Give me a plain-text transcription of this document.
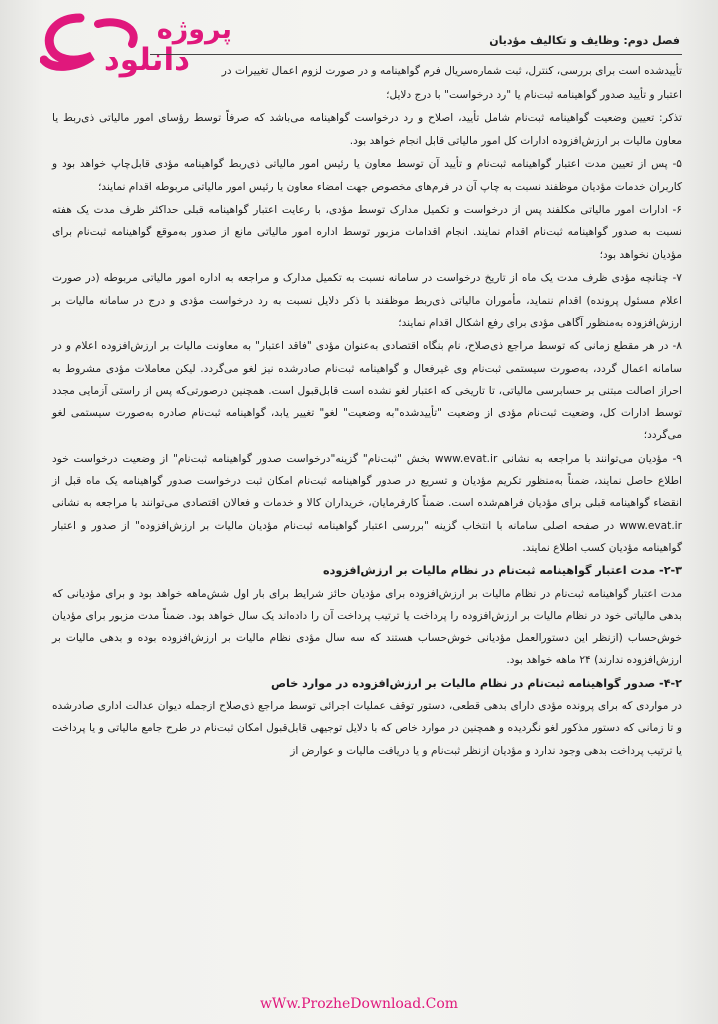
پروژه
دانلود
فصل دوم: وظایف و تکالیف مؤدیان

تأییدشده است برای بررسی، کنترل، ثبت شماره‌سریال فرم گواهینامه و در صورت لزوم اعمال تغییرات در

اعتبار و تأیید صدور گواهینامه ثبت‌نام یا "رد درخواست" با درج دلایل؛

تذکر: تعیین وضعیت گواهینامه ثبت‌نام شامل تأیید، اصلاح و رد درخواست گواهینامه می‌باشد که صرفاً توسط رؤسای امور مالیاتی ذی‌ربط یا معاون مالیات بر ارزش‌افزوده ادارات کل امور مالیاتی قابل انجام خواهد بود.

۵- پس از تعیین مدت اعتبار گواهینامه ثبت‌نام و تأیید آن توسط معاون یا رئیس امور مالیاتی ذی‌ربط گواهینامه مؤدی قابل‌چاپ خواهد بود و کاربران خدمات مؤدیان موظفند نسبت به چاپ آن در فرم‌های مخصوص جهت امضاء معاون یا رئیس امور مالیاتی مربوطه اقدام نمایند؛

۶- ادارات امور مالیاتی مکلفند پس از درخواست و تکمیل مدارک توسط مؤدی، با رعایت اعتبار گواهینامه قبلی حداکثر ظرف مدت یک هفته نسبت به صدور گواهینامه ثبت‌نام اقدام نمایند. انجام اقدامات مزبور توسط اداره امور مالیاتی مانع از صدور به‌موقع گواهینامه ثبت‌نام برای مؤدیان نخواهد بود؛

۷- چنانچه مؤدی ظرف مدت یک ماه از تاریخ درخواست در سامانه نسبت به تکمیل مدارک و مراجعه به اداره امور مالیاتی مربوطه (در صورت اعلام مسئول پرونده) اقدام ننماید، مأموران مالیاتی ذی‌ربط موظفند با ذکر دلایل نسبت به رد درخواست مؤدی و درج در سامانه مالیات بر ارزش‌افزوده به‌منظور آگاهی مؤدی برای رفع اشکال اقدام نمایند؛

۸- در هر مقطع زمانی که توسط مراجع ذی‌صلاح، نام بنگاه اقتصادی به‌عنوان مؤدی "فاقد اعتبار" به معاونت مالیات بر ارزش‌افزوده اعلام و در سامانه اعمال گردد، به‌صورت سیستمی ثبت‌نام وی غیرفعال و گواهینامه ثبت‌نام صادرشده نیز لغو می‌گردد. لیکن معاملات مؤدی مشروط به احراز اصالت مبتنی بر حسابرسی مالیاتی، تا تاریخی که اعتبار لغو نشده است قابل‌قبول است. همچنین درصورتی‌که پس از راستی آزمایی مجدد توسط ادارات کل، وضعیت ثبت‌نام مؤدی از وضعیت "تأییدشده"به وضعیت" لغو" تغییر یابد، گواهینامه ثبت‌نام صادره به‌صورت سیستمی لغو می‌گردد؛

۹- مؤدیان می‌توانند با مراجعه به نشانی www.evat.ir بخش "ثبت‌نام" گزینه"درخواست صدور گواهینامه ثبت‌نام" از وضعیت درخواست خود اطلاع حاصل نمایند، ضمناً به‌منظور تکریم مؤدیان و تسریع در صدور گواهینامه ثبت‌نام امکان ثبت درخواست صدور گواهینامه یک ماه قبل از انقضاء گواهینامه قبلی برای مؤدیان فراهم‌شده است. ضمناً کارفرمایان، خریداران کالا و خدمات و فعالان اقتصادی می‌توانند با مراجعه به نشانی www.evat.ir در صفحه اصلی سامانه با انتخاب گزینه "بررسی اعتبار گواهینامه ثبت‌نام مؤدیان مالیات بر ارزش‌افزوده" از صدور و اعتبار گواهینامه مؤدیان کسب اطلاع نمایند.

۲-۳- مدت اعتبار گواهینامه ثبت‌نام در نظام مالیات بر ارزش‌افزوده

مدت اعتبار گواهینامه ثبت‌نام در نظام مالیات بر ارزش‌افزوده برای مؤدیان حائز شرایط برای بار اول شش‌ماهه خواهد بود و برای مؤدیانی که بدهی مالیاتی خود در نظام مالیات بر ارزش‌افزوده را پرداخت یا ترتیب پرداخت آن را داده‌اند یک سال خواهد بود. ضمناً مدت مزبور برای مؤدیان خوش‌حساب (ازنظر این دستورالعمل مؤدیانی خوش‌حساب هستند که سه سال مؤدی نظام مالیات بر ارزش‌افزوده بوده و بدهی مالیات بر ارزش‌افزوده ندارند) ۲۴ ماهه خواهد بود.

۴-۲- صدور گواهینامه ثبت‌نام در نظام مالیات بر ارزش‌افزوده در موارد خاص

در مواردی که برای پرونده مؤدی دارای بدهی قطعی، دستور توقف عملیات اجرائی توسط مراجع ذی‌صلاح ازجمله دیوان عدالت اداری صادرشده و تا زمانی که دستور مذکور لغو نگردیده و همچنین در موارد خاص که با دلایل توجیهی قابل‌قبول امکان ثبت‌نام در طرح جامع مالیاتی و یا پرداخت یا ترتیب پرداخت بدهی وجود ندارد و مؤدیان ازنظر ثبت‌نام و یا دریافت مالیات و عوارض از

wWw.ProzheDownload.Com
